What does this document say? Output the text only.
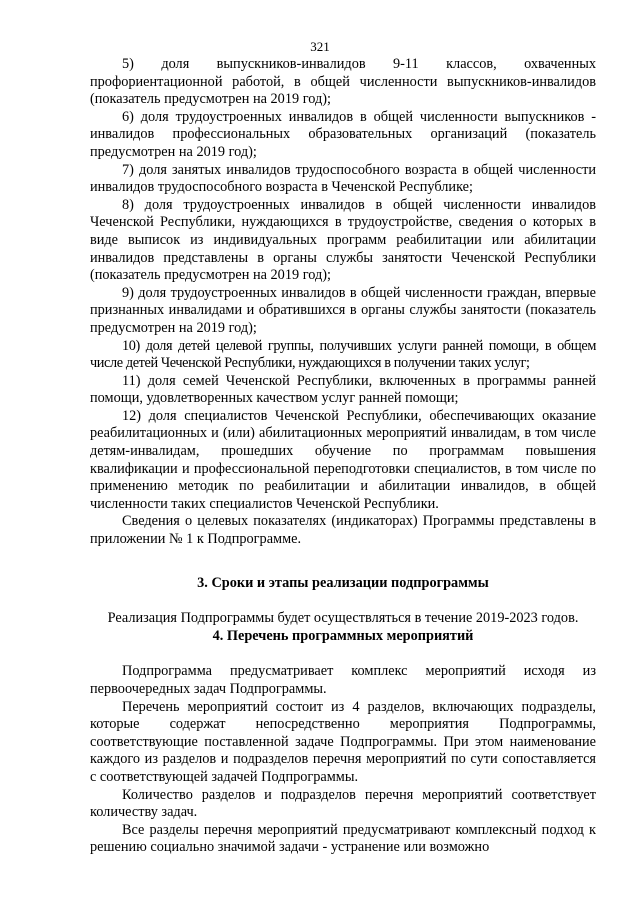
321

5) доля выпускников-инвалидов 9-11 классов, охваченных профориентационной работой, в общей численности выпускников-инвалидов (показатель предусмотрен на 2019 год);

6) доля трудоустроенных инвалидов в общей численности выпускников - инвалидов профессиональных образовательных организаций (показатель предусмотрен на 2019 год);

7) доля занятых инвалидов трудоспособного возраста в общей численности инвалидов трудоспособного возраста в Чеченской Республике;

8) доля трудоустроенных инвалидов в общей численности инвалидов Чеченской Республики, нуждающихся в трудоустройстве, сведения о которых в виде выписок из индивидуальных программ реабилитации или абилитации инвалидов представлены в органы службы занятости Чеченской Республики (показатель предусмотрен на 2019 год);

9) доля трудоустроенных инвалидов в общей численности граждан, впервые признанных инвалидами и обратившихся в органы службы занятости (показатель предусмотрен на 2019 год);

10) доля детей целевой группы, получивших услуги ранней помощи, в общем числе детей Чеченской Республики, нуждающихся в получении таких услуг;

11) доля семей Чеченской Республики, включенных в программы ранней помощи, удовлетворенных качеством услуг ранней помощи;

12) доля специалистов Чеченской Республики, обеспечивающих оказание реабилитационных и (или) абилитационных мероприятий инвалидам, в том числе детям-инвалидам, прошедших обучение по программам повышения квалификации и профессиональной переподготовки специалистов, в том числе по применению методик по реабилитации и абилитации инвалидов, в общей численности таких специалистов Чеченской Республики.

Сведения о целевых показателях (индикаторах) Программы представлены в приложении № 1 к Подпрограмме.

3. Сроки и этапы реализации подпрограммы

Реализация Подпрограммы будет осуществляться в течение 2019-2023 годов.

4. Перечень программных мероприятий

Подпрограмма предусматривает комплекс мероприятий исходя из первоочередных задач Подпрограммы.

Перечень мероприятий состоит из 4 разделов, включающих подразделы, которые содержат непосредственно мероприятия Подпрограммы, соответствующие поставленной задаче Подпрограммы. При этом наименование каждого из разделов и подразделов перечня мероприятий по сути сопоставляется с соответствующей задачей Подпрограммы.

Количество разделов и подразделов перечня мероприятий соответствует количеству задач.

Все разделы перечня мероприятий предусматривают комплексный подход к решению социально значимой задачи - устранение или возможно
